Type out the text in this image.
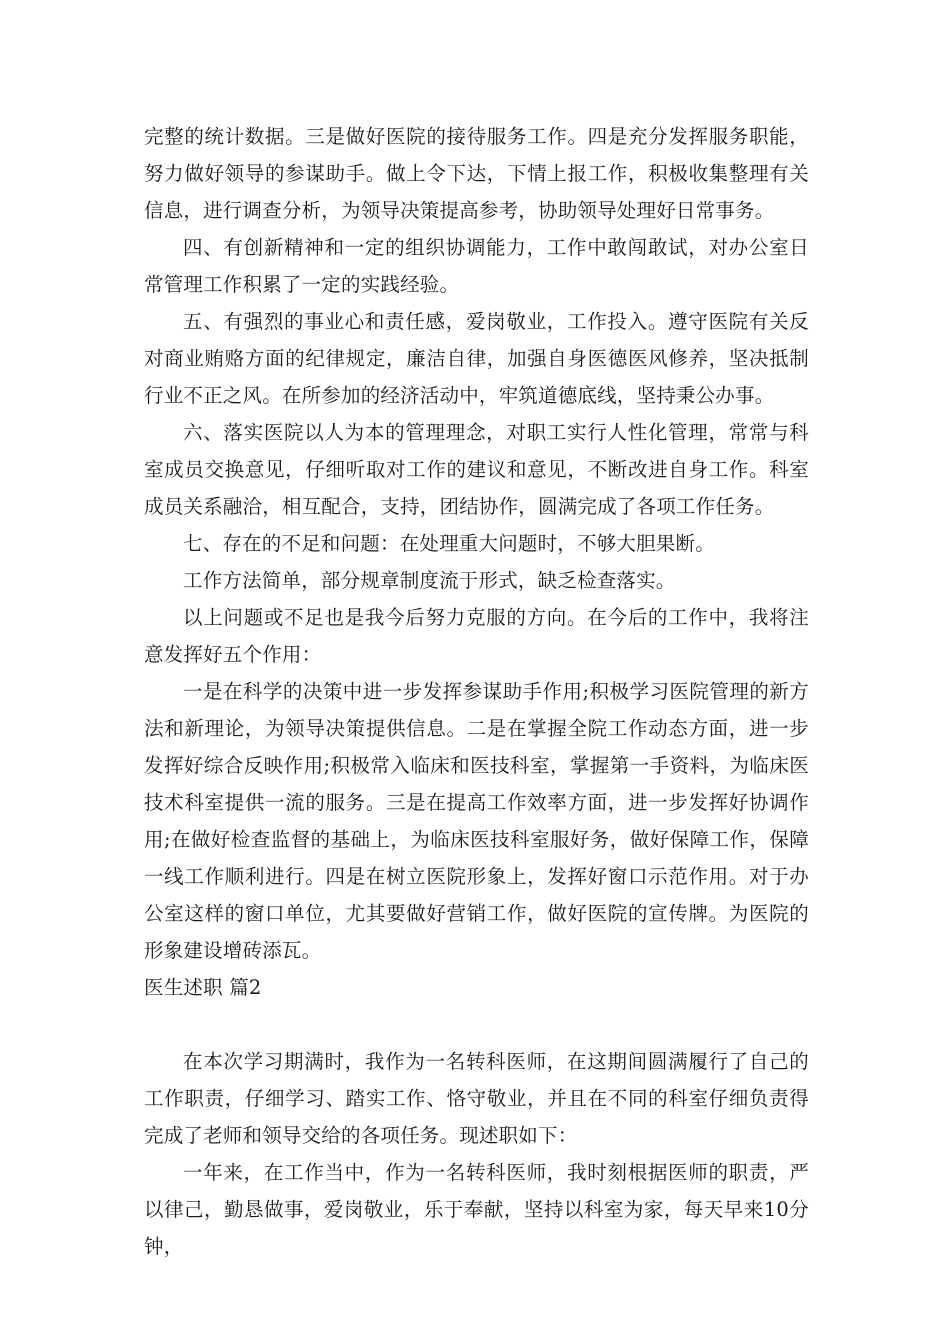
完整的统计数据。三是做好医院的接待服务工作。四是充分发挥服务职能，努力做好领导的参谋助手。做上令下达，下情上报工作，积极收集整理有关信息，进行调查分析，为领导决策提高参考，协助领导处理好日常事务。

四、有创新精神和一定的组织协调能力，工作中敢闯敢试，对办公室日常管理工作积累了一定的实践经验。

五、有强烈的事业心和责任感，爱岗敬业，工作投入。遵守医院有关反对商业贿赂方面的纪律规定，廉洁自律，加强自身医德医风修养，坚决抵制行业不正之风。在所参加的经济活动中，牢筑道德底线，坚持秉公办事。

六、落实医院以人为本的管理理念，对职工实行人性化管理，常常与科室成员交换意见，仔细听取对工作的建议和意见，不断改进自身工作。科室成员关系融洽，相互配合，支持，团结协作，圆满完成了各项工作任务。

七、存在的不足和问题：在处理重大问题时，不够大胆果断。

工作方法简单，部分规章制度流于形式，缺乏检查落实。

以上问题或不足也是我今后努力克服的方向。在今后的工作中，我将注意发挥好五个作用：

一是在科学的决策中进一步发挥参谋助手作用;积极学习医院管理的新方法和新理论，为领导决策提供信息。二是在掌握全院工作动态方面，进一步发挥好综合反映作用;积极常入临床和医技科室，掌握第一手资料，为临床医技术科室提供一流的服务。三是在提高工作效率方面，进一步发挥好协调作用;在做好检查监督的基础上，为临床医技科室服好务，做好保障工作，保障一线工作顺利进行。四是在树立医院形象上，发挥好窗口示范作用。对于办公室这样的窗口单位，尤其要做好营销工作，做好医院的宣传牌。为医院的形象建设增砖添瓦。

医生述职 篇2

在本次学习期满时，我作为一名转科医师，在这期间圆满履行了自己的工作职责，仔细学习、踏实工作、恪守敬业，并且在不同的科室仔细负责得完成了老师和领导交给的各项任务。现述职如下：

一年来，在工作当中，作为一名转科医师，我时刻根据医师的职责，严以律己，勤恳做事，爱岗敬业，乐于奉献，坚持以科室为家，每天早来10分钟，
